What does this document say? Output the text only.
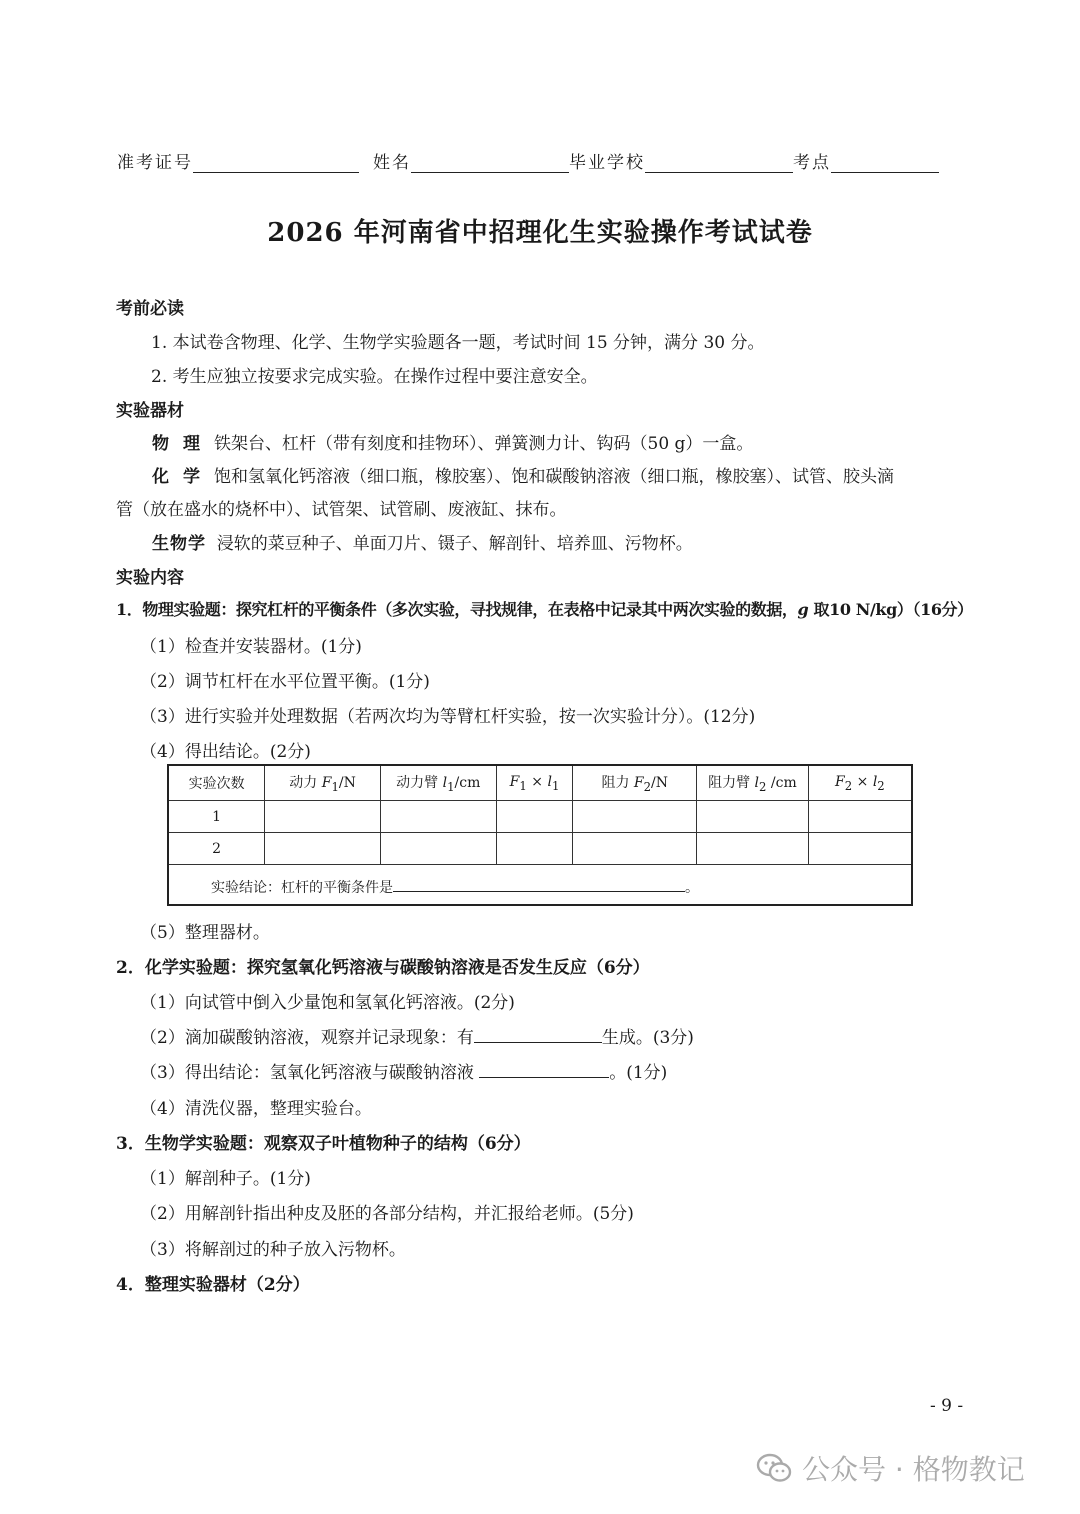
准考证号	姓名	毕业学校	考点
2026 年河南省中招理化生实验操作考试试卷
考前必读
1. 本试卷含物理、化学、生物学实验题各一题，考试时间 15 分钟，满分 30 分。
2. 考生应独立按要求完成实验。在操作过程中要注意安全。
实验器材
物理铁架台、杠杆（带有刻度和挂物环）、弹簧测力计、钩码（50 g）一盒。
化学饱和氢氧化钙溶液（细口瓶，橡胶塞）、饱和碳酸钠溶液（细口瓶，橡胶塞）、试管、胶头滴
管（放在盛水的烧杯中）、试管架、试管刷、废液缸、抹布。
生物学 浸软的菜豆种子、单面刀片、镊子、解剖针、培养皿、污物杯。
实验内容
1．物理实验题：探究杠杆的平衡条件（多次实验，寻找规律，在表格中记录其中两次实验的数据，g 取10 N/kg）（16分）
（1）检查并安装器材。(1分)
（2）调节杠杆在水平位置平衡。(1分)
（3）进行实验并处理数据（若两次均为等臂杠杆实验，按一次实验计分）。(12分)
（4）得出结论。(2分)
实验次数	动力 $F_1/N$	动力臂 $l_1/cm$	$F_1 \times l_1$	阻力 $F_2/N$	阻力臂 $l_2$ /cm	$F_2 \times l_2$
1						
2						
实验结论：杠杆的平衡条件是 。						
（5）整理器材。
2．化学实验题：探究氢氧化钙溶液与碳酸钠溶液是否发生反应（6分）
（1）向试管中倒入少量饱和氢氧化钙溶液。(2分)
（2）滴加碳酸钠溶液，观察并记录现象：有	生成。(3分)
（3）得出结论：氢氧化钙溶液与碳酸钠溶液	。(1分)
（4）清洗仪器，整理实验台。
3．生物学实验题：观察双子叶植物种子的结构（6分）
（1）解剖种子。(1分)
（2）用解剖针指出种皮及胚的各部分结构，并汇报给老师。(5分)
（3）将解剖过的种子放入污物杯。
4．整理实验器材（2分）
- 9 -
公众号 · 格物教记
